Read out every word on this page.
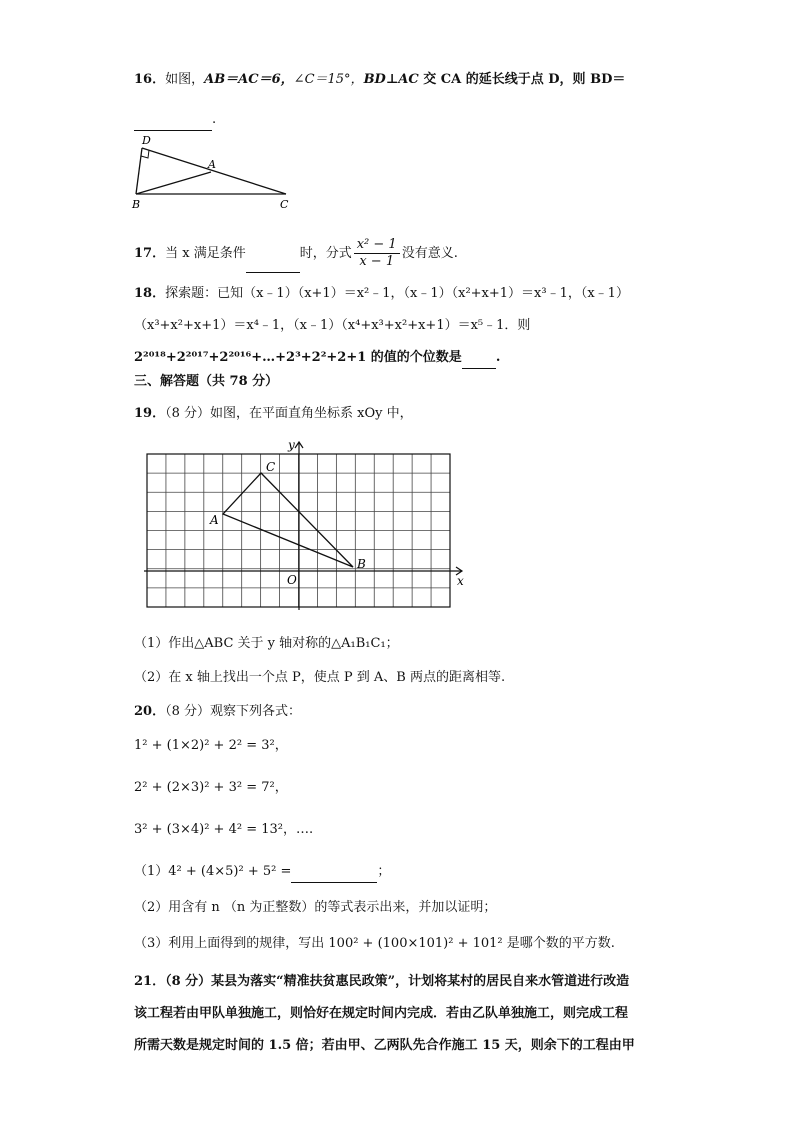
16．如图，AB＝AC＝6，∠C＝15°，BD⊥AC 交 CA 的延长线于点 D，则 BD＝
.
D
A
B	C
17．当 x 满足条件	时，分式 $\frac{\text{x² − 1}}{x - 1}$ 没有意义.
18．探索题：已知（x﹣1）（x+1）＝x²﹣1，（x﹣1）（x²+x+1）＝x³﹣1，（x﹣1）
（x³+x²+x+1）＝x⁴﹣1，（x﹣1）（x⁴+x³+x²+x+1）＝x⁵﹣1．则
2²⁰¹⁸+2²⁰¹⁷+2²⁰¹⁶+…+2³+2²+2+1 的值的个位数是	.
三、解答题（共 78 分）
19．（8 分）如图，在平面直角坐标系 xOy 中，
y
x
O
A
C
B
（1）作出△ABC 关于 y 轴对称的△A₁B₁C₁；
（2）在 x 轴上找出一个点 P，使点 P 到 A、B 两点的距离相等.
20．（8 分）观察下列各式：
1² + (1×2)² + 2² = 3²，
2² + (2×3)² + 3² = 7²，
3² + (3×4)² + 4² = 13²，….
（1）4² + (4×5)² + 5² =	；
（2）用含有 n （n 为正整数）的等式表示出来，并加以证明；
（3）利用上面得到的规律，写出 100² + (100×101)² + 101² 是哪个数的平方数.
21．（8 分）某县为落实“精准扶贫惠民政策”，计划将某村的居民自来水管道进行改造
该工程若由甲队单独施工，则恰好在规定时间内完成．若由乙队单独施工，则完成工程
所需天数是规定时间的 1.5 倍；若由甲、乙两队先合作施工 15 天，则余下的工程由甲
